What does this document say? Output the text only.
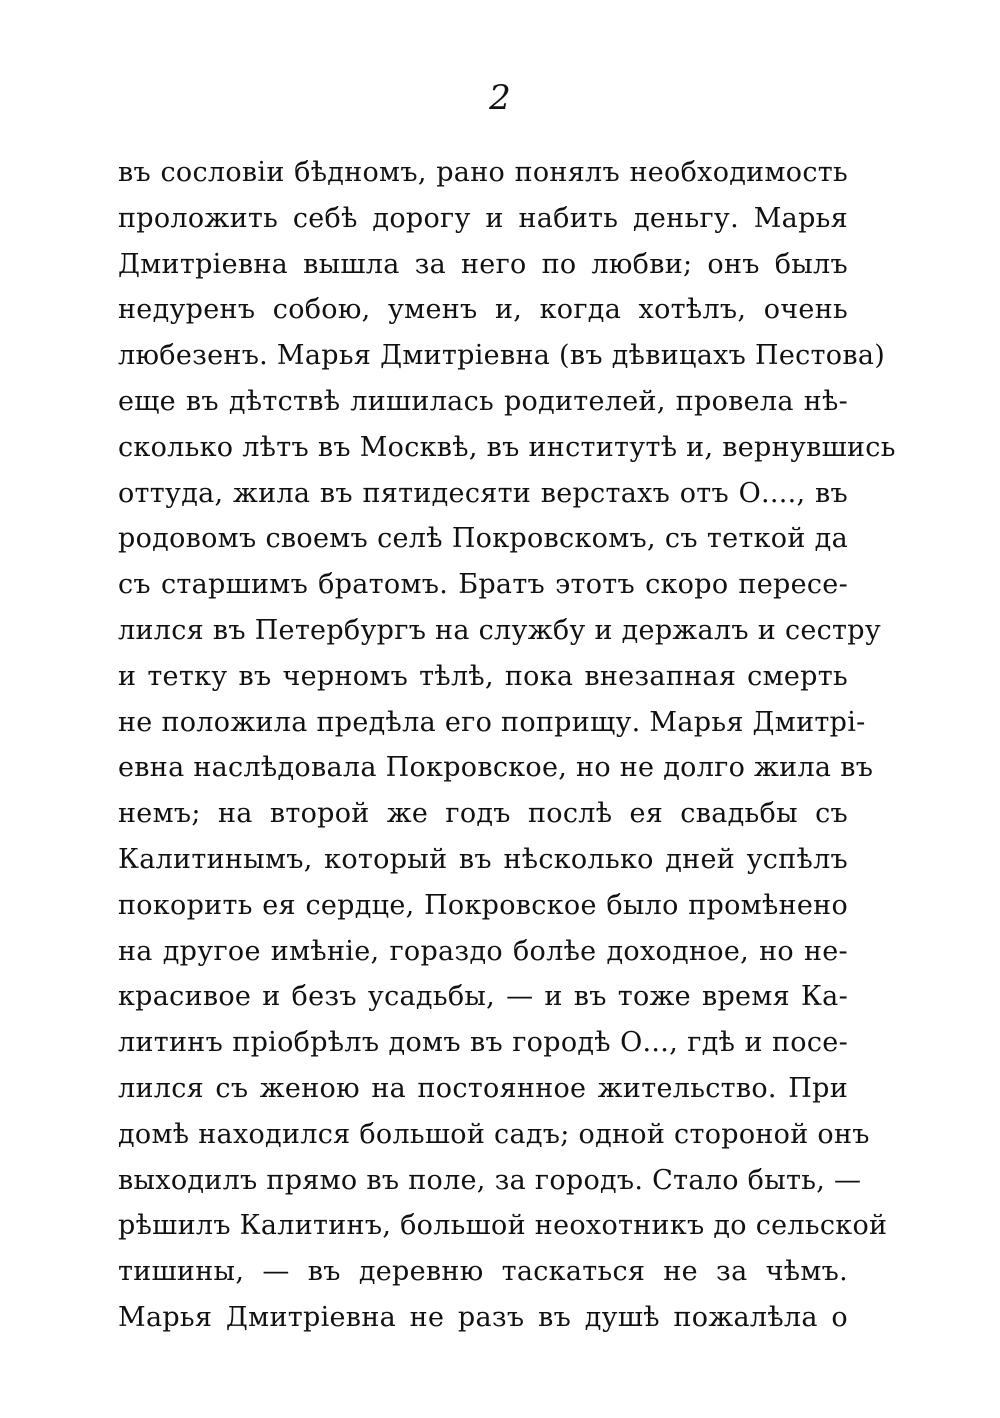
2
въ сословіи бѣдномъ, рано понялъ необходимость
проложить себѣ дорогу и набить деньгу. Марья
Дмитріевна вышла за него по любви; онъ былъ
недуренъ собою, уменъ и, когда хотѣлъ, очень
любезенъ. Марья Дмитріевна (въ дѣвицахъ Пестова)
еще въ дѣтствѣ лишилась родителей, провела нѣ-
сколько лѣтъ въ Москвѣ, въ институтѣ и, вернувшись
оттуда, жила въ пятидесяти верстахъ отъ О...., въ
родовомъ своемъ селѣ Покровскомъ, съ теткой да
съ старшимъ братомъ. Братъ этотъ скоро пересе-
лился въ Петербургъ на службу и держалъ и сестру
и тетку въ черномъ тѣлѣ, пока внезапная смерть
не положила предѣла его поприщу. Марья Дмитрі-
евна наслѣдовала Покровское, но не долго жила въ
немъ; на второй же годъ послѣ ея свадьбы съ
Калитинымъ, который въ нѣсколько дней успѣлъ
покорить ея сердце, Покровское было промѣнено
на другое имѣніе, гораздо болѣе доходное, но не-
красивое и безъ усадьбы, — и въ тоже время Ка-
литинъ пріобрѣлъ домъ въ городѣ О..., гдѣ и посе-
лился съ женою на постоянное жительство. При
домѣ находился большой садъ; одной стороной онъ
выходилъ прямо въ поле, за городъ. Стало быть, —
рѣшилъ Калитинъ, большой неохотникъ до сельской
тишины, — въ деревню таскаться не за чѣмъ.
Марья Дмитріевна не разъ въ душѣ пожалѣла о
